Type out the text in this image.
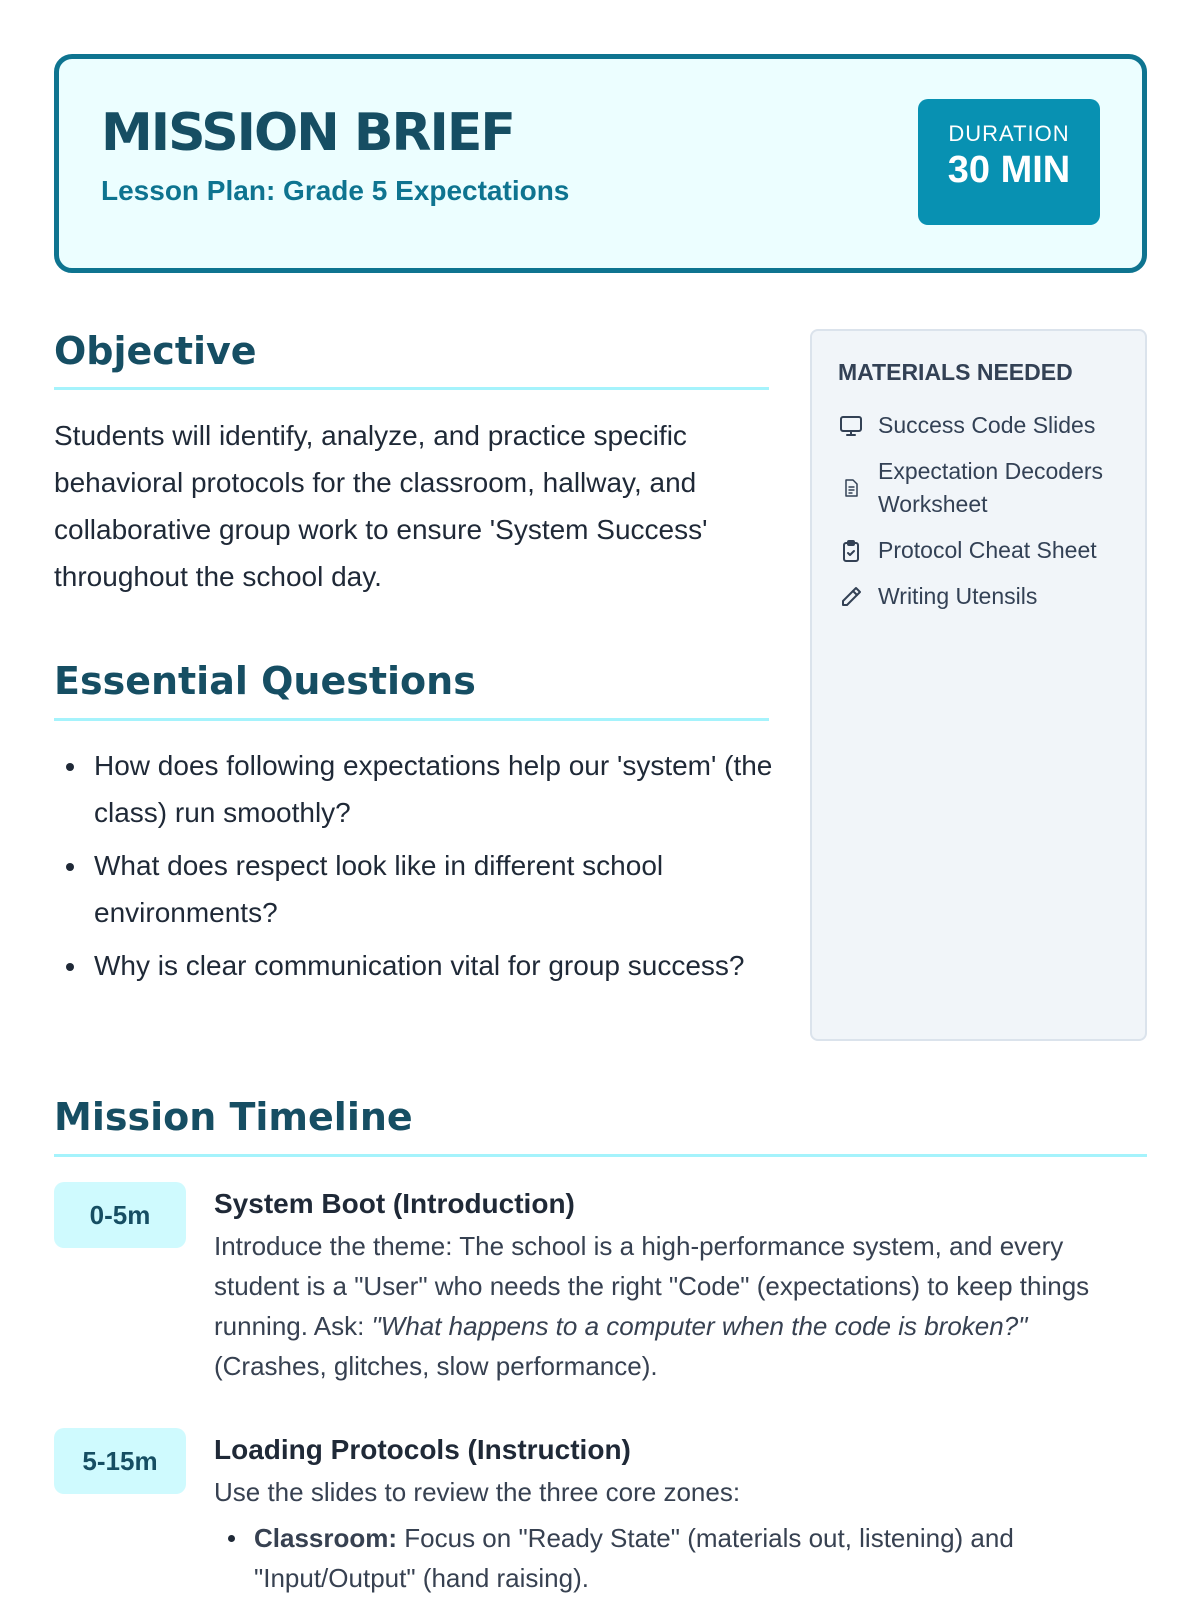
MISSION BRIEF
Lesson Plan: Grade 5 Expectations
DURATION
30 MIN
Objective
Students will identify, analyze, and practice specific behavioral protocols for the classroom, hallway, and collaborative group work to ensure 'System Success' throughout the school day.
Essential Questions
How does following expectations help our 'system' (the class) run smoothly?
What does respect look like in different school environments?
Why is clear communication vital for group success?
MATERIALS NEEDED
Success Code Slides
Expectation Decoders Worksheet
Protocol Cheat Sheet
Writing Utensils
Mission Timeline
0-5m	System Boot (Introduction)
Introduce the theme: The school is a high-performance system, and every student is a "User" who needs the right "Code" (expectations) to keep things running. Ask: "What happens to a computer when the code is broken?" (Crashes, glitches, slow performance).
5-15m	Loading Protocols (Instruction)
Use the slides to review the three core zones:
Classroom: Focus on "Ready State" (materials out, listening) and "Input/Output" (hand raising).
